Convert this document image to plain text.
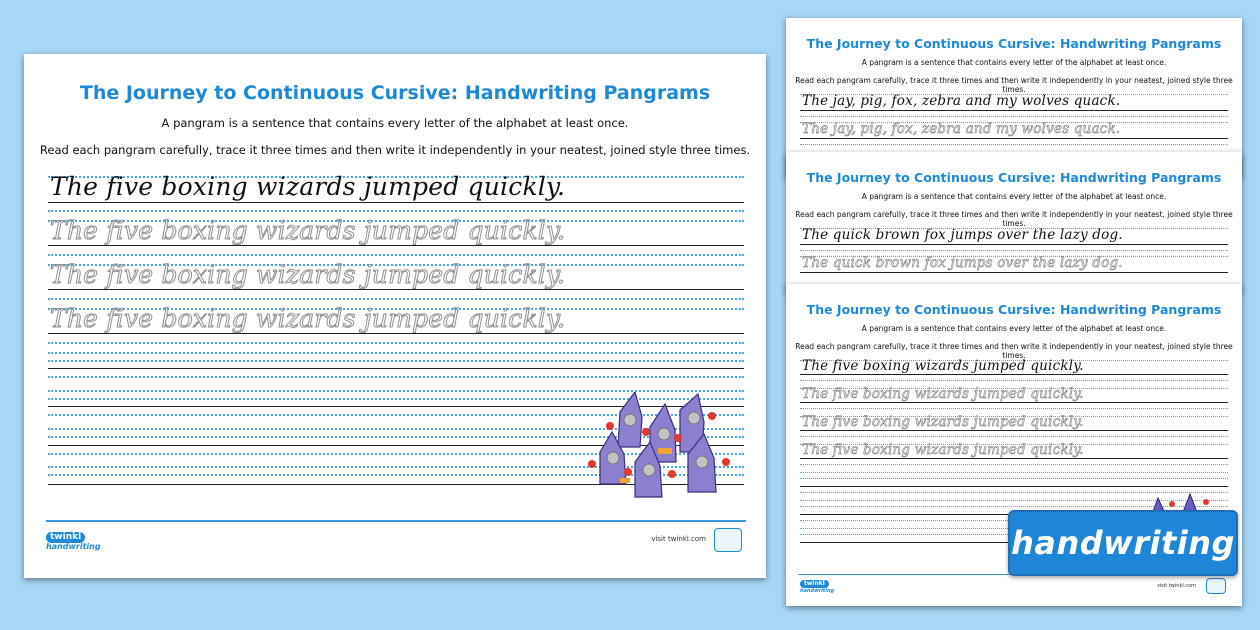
The Journey to Continuous Cursive: Handwriting Pangrams
A pangram is a sentence that contains every letter of the alphabet at least once.
Read each pangram carefully, trace it three times and then write it independently in your neatest, joined style three times.
The five boxing wizards jumped quickly.
The five boxing wizards jumped quickly.
The five boxing wizards jumped quickly.
The five boxing wizards jumped quickly.
twinkl
handwriting
visit twinkl.com
The Journey to Continuous Cursive: Handwriting Pangrams
A pangram is a sentence that contains every letter of the alphabet at least once.
Read each pangram carefully, trace it three times and then write it independently in your neatest, joined style three times.
The jay, pig, fox, zebra and my wolves quack.
The jay, pig, fox, zebra and my wolves quack.
The Journey to Continuous Cursive: Handwriting Pangrams
A pangram is a sentence that contains every letter of the alphabet at least once.
Read each pangram carefully, trace it three times and then write it independently in your neatest, joined style three times.
The quick brown fox jumps over the lazy dog.
The quick brown fox jumps over the lazy dog.
The Journey to Continuous Cursive: Handwriting Pangrams
A pangram is a sentence that contains every letter of the alphabet at least once.
Read each pangram carefully, trace it three times and then write it independently in your neatest, joined style three times.
The five boxing wizards jumped quickly.
The five boxing wizards jumped quickly.
The five boxing wizards jumped quickly.
The five boxing wizards jumped quickly.
twinkl
handwriting
visit twinkl.com
handwriting
